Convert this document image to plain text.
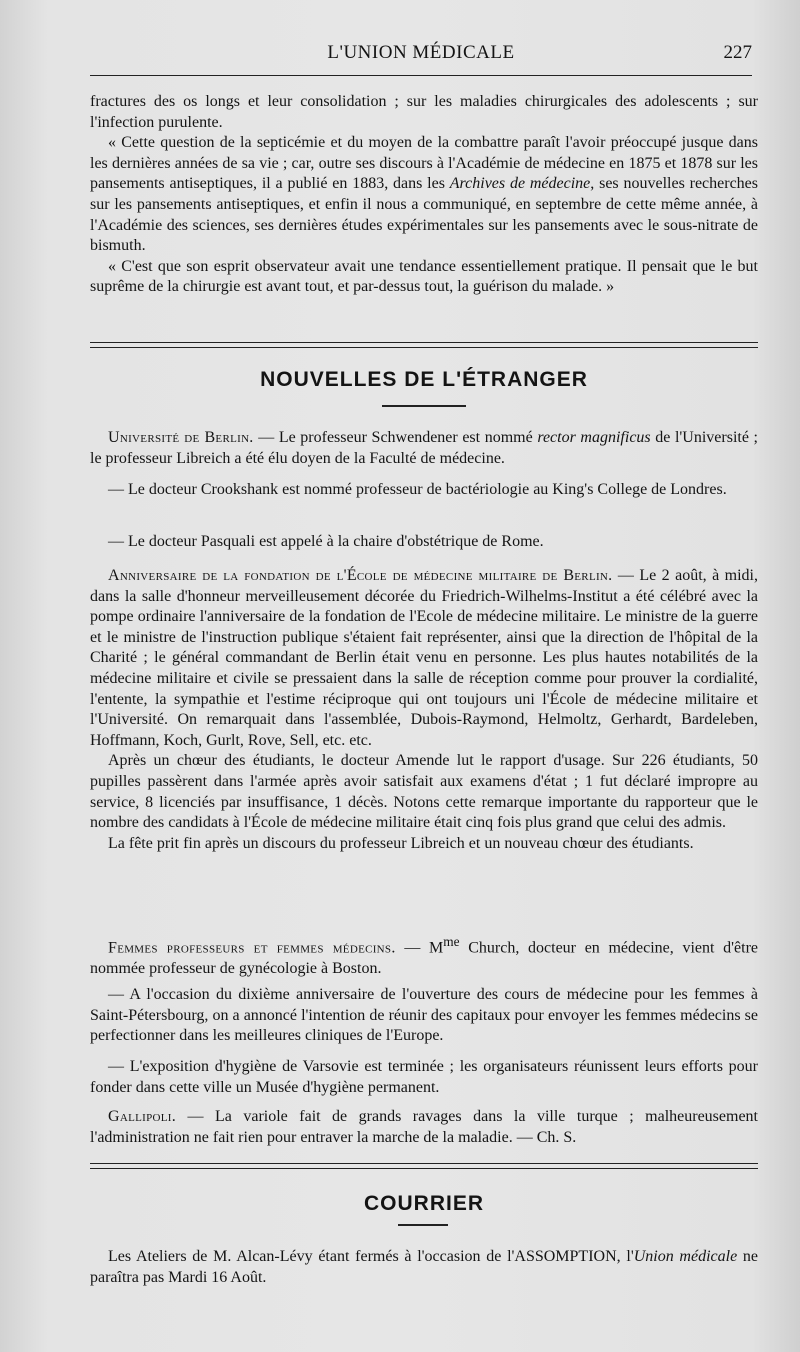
L'UNION MÉDICALE	227

fractures des os longs et leur consolidation ; sur les maladies chirurgicales des adolescents ; sur l'infection purulente.

« Cette question de la septicémie et du moyen de la combattre paraît l'avoir préoccupé jusque dans les dernières années de sa vie ; car, outre ses discours à l'Académie de médecine en 1875 et 1878 sur les pansements antiseptiques, il a publié en 1883, dans les Archives de médecine, ses nouvelles recherches sur les pansements antiseptiques, et enfin il nous a communiqué, en septembre de cette même année, à l'Académie des sciences, ses dernières études expérimentales sur les pansements avec le sous-nitrate de bismuth.

« C'est que son esprit observateur avait une tendance essentiellement pratique. Il pensait que le but suprême de la chirurgie est avant tout, et par-dessus tout, la guérison du malade. »

NOUVELLES DE L'ÉTRANGER

Université de Berlin. — Le professeur Schwendener est nommé rector magnificus de l'Université ; le professeur Libreich a été élu doyen de la Faculté de médecine.

— Le docteur Crookshank est nommé professeur de bactériologie au King's College de Londres.

— Le docteur Pasquali est appelé à la chaire d'obstétrique de Rome.

Anniversaire de la fondation de l'École de médecine militaire de Berlin. — Le 2 août, à midi, dans la salle d'honneur merveilleusement décorée du Friedrich-Wilhelms-Institut a été célébré avec la pompe ordinaire l'anniversaire de la fondation de l'Ecole de médecine militaire. Le ministre de la guerre et le ministre de l'instruction publique s'étaient fait représenter, ainsi que la direction de l'hôpital de la Charité ; le général commandant de Berlin était venu en personne. Les plus hautes notabilités de la médecine militaire et civile se pressaient dans la salle de réception comme pour prouver la cordialité, l'entente, la sympathie et l'estime réciproque qui ont toujours uni l'École de médecine militaire et l'Université. On remarquait dans l'assemblée, Dubois-Raymond, Helmoltz, Gerhardt, Bardeleben, Hoffmann, Koch, Gurlt, Rove, Sell, etc. etc.

Après un chœur des étudiants, le docteur Amende lut le rapport d'usage. Sur 226 étudiants, 50 pupilles passèrent dans l'armée après avoir satisfait aux examens d'état ; 1 fut déclaré impropre au service, 8 licenciés par insuffisance, 1 décès. Notons cette remarque importante du rapporteur que le nombre des candidats à l'École de médecine militaire était cinq fois plus grand que celui des admis.

La fête prit fin après un discours du professeur Libreich et un nouveau chœur des étudiants.

Femmes professeurs et femmes médecins. — $M^{me}$ Church, docteur en médecine, vient d'être nommée professeur de gynécologie à Boston.

— A l'occasion du dixième anniversaire de l'ouverture des cours de médecine pour les femmes à Saint-Pétersbourg, on a annoncé l'intention de réunir des capitaux pour envoyer les femmes médecins se perfectionner dans les meilleures cliniques de l'Europe.

— L'exposition d'hygiène de Varsovie est terminée ; les organisateurs réunissent leurs efforts pour fonder dans cette ville un Musée d'hygiène permanent.

Gallipoli. — La variole fait de grands ravages dans la ville turque ; malheureusement l'administration ne fait rien pour entraver la marche de la maladie. — Ch. S.

COURRIER

Les Ateliers de M. Alcan-Lévy étant fermés à l'occasion de l'ASSOMPTION, l'Union médicale ne paraîtra pas Mardi 16 Août.
